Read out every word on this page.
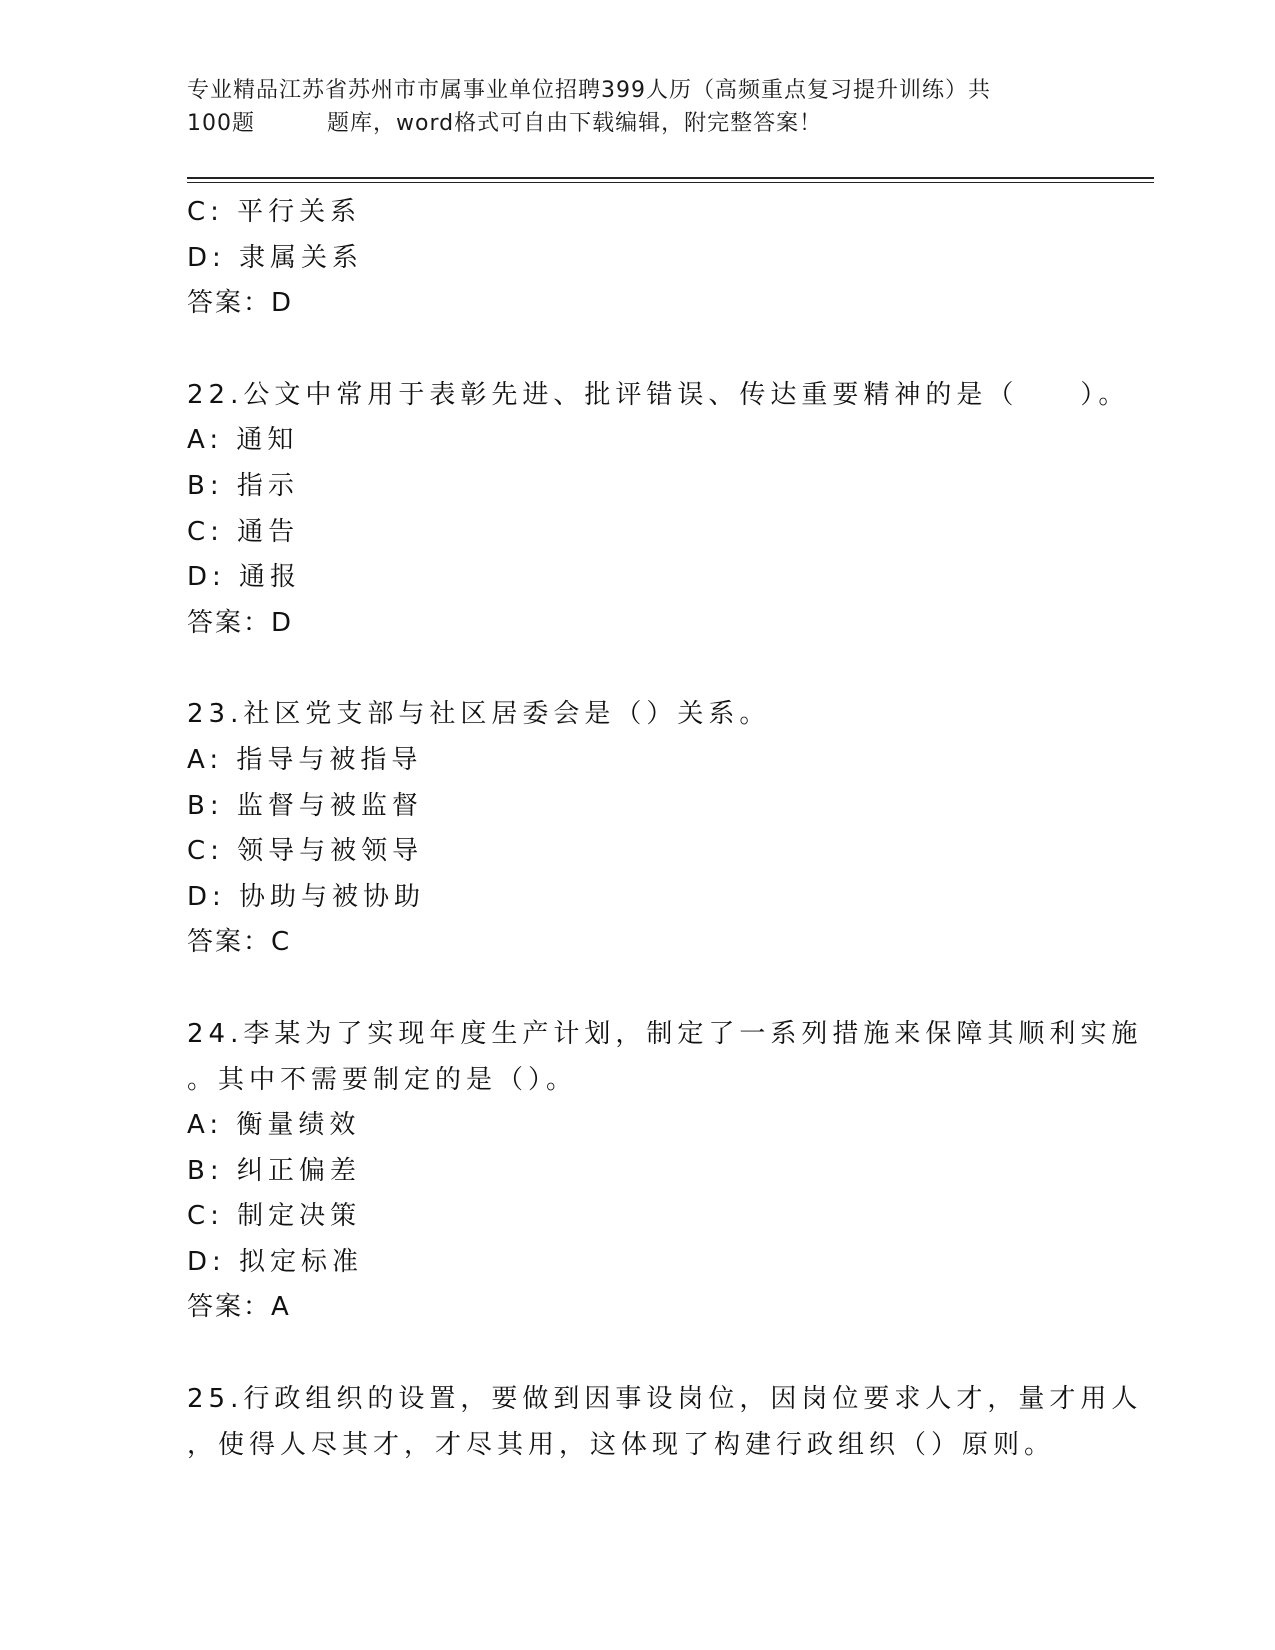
专业精品江苏省苏州市市属事业单位招聘399人历（高频重点复习提升训练）共
100题	题库，word格式可自由下载编辑，附完整答案！
C: 平行关系
D: 隶属关系
答案：D
22.公文中常用于表彰先进、批评错误、传达重要精神的是（　　）。
A: 通知
B: 指示
C: 通告
D: 通报
答案：D
23.社区党支部与社区居委会是（）关系。
A: 指导与被指导
B: 监督与被监督
C: 领导与被领导
D: 协助与被协助
答案：C
24.李某为了实现年度生产计划，制定了一系列措施来保障其顺利实施
。其中不需要制定的是（）。
A: 衡量绩效
B: 纠正偏差
C: 制定决策
D: 拟定标准
答案：A
25.行政组织的设置，要做到因事设岗位，因岗位要求人才，量才用人
，使得人尽其才，才尽其用，这体现了构建行政组织（）原则。
